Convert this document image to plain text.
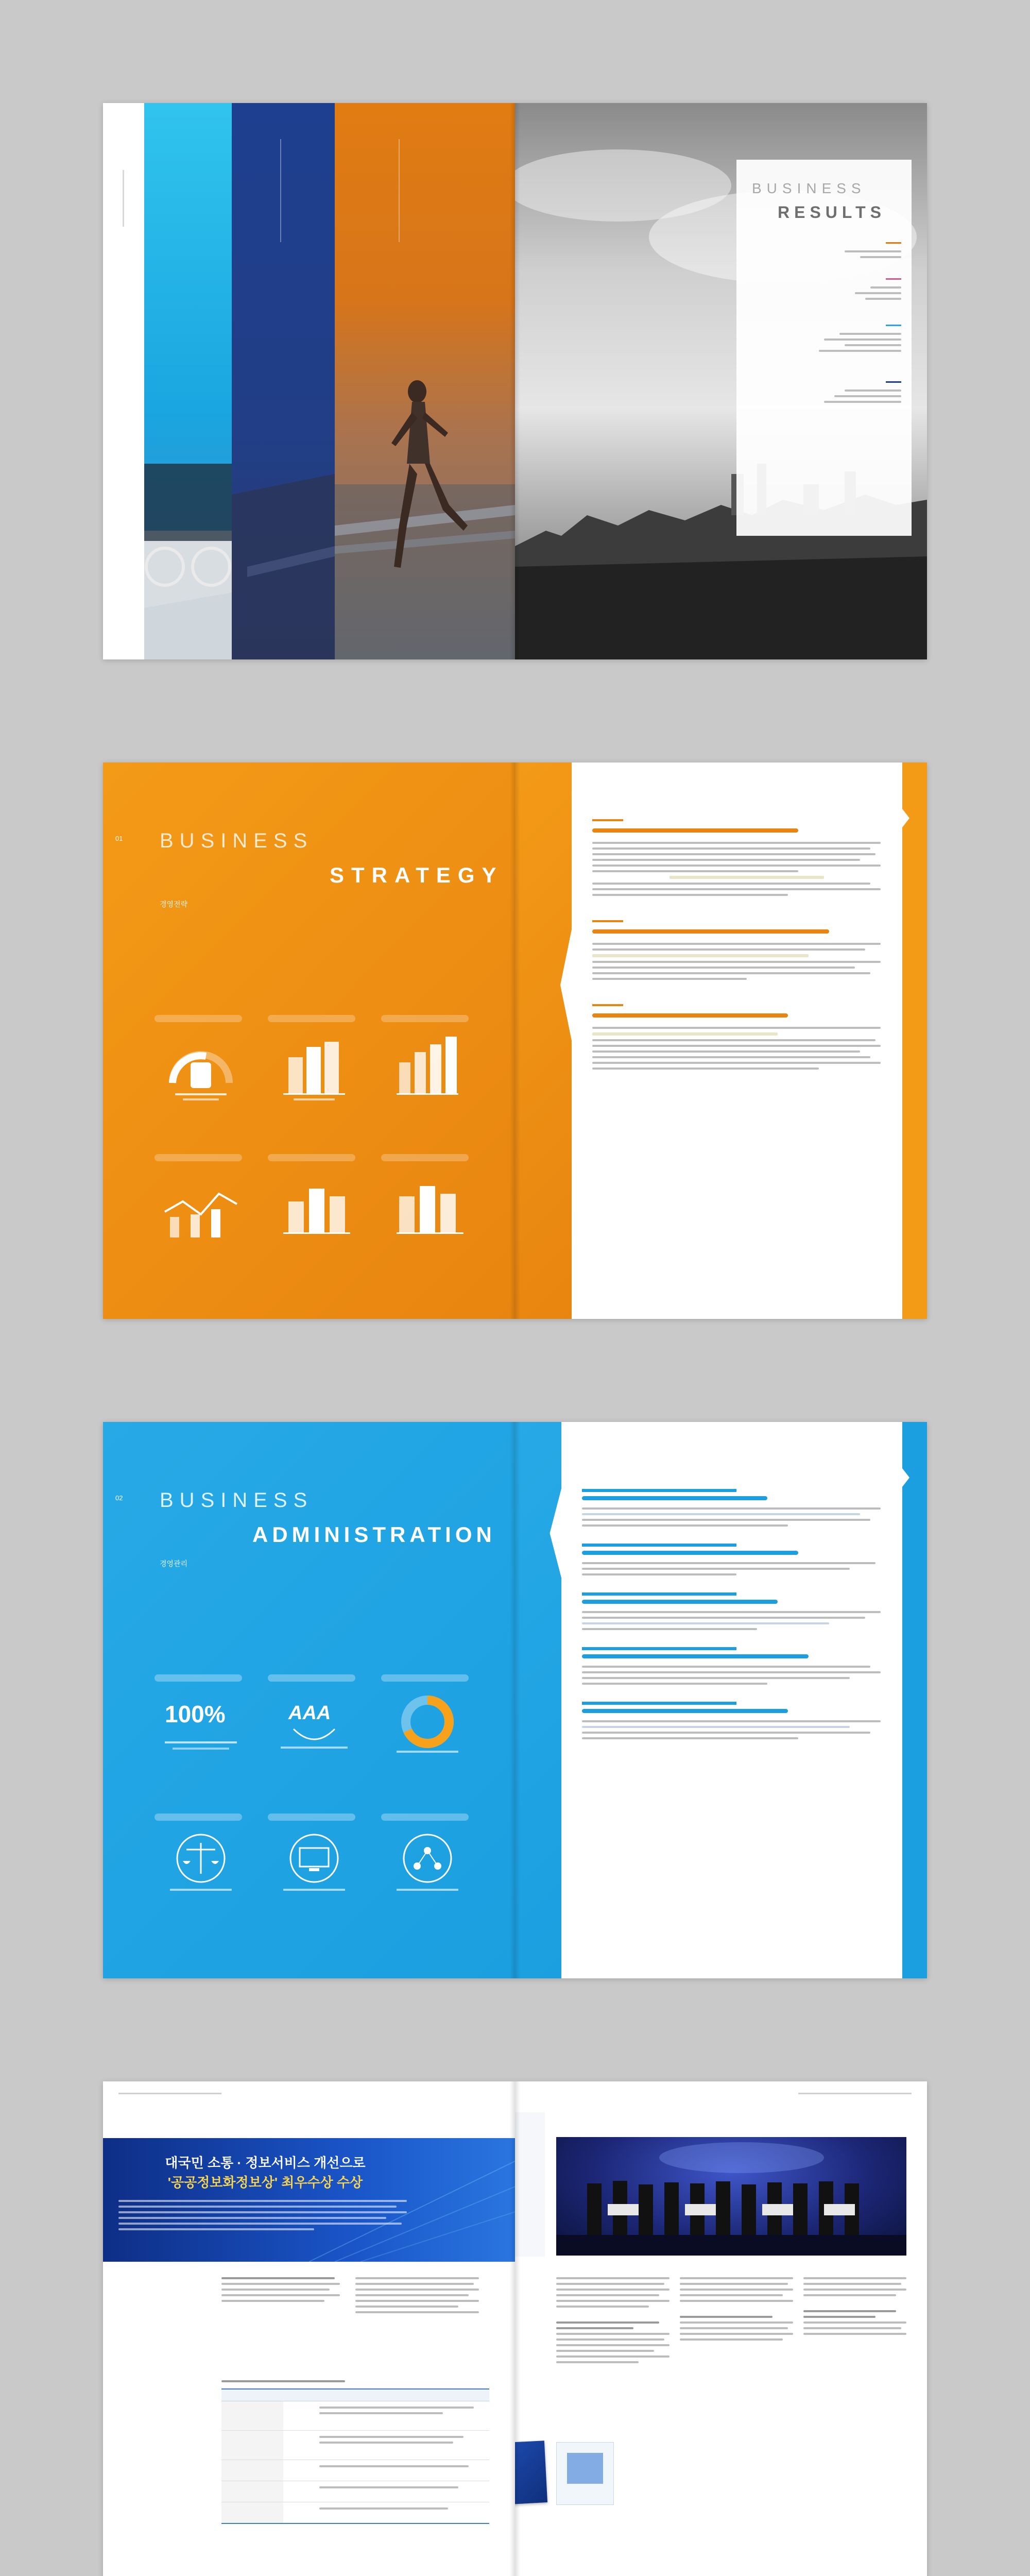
BUSINESS
RESULTS
01 BUSINESS
STRATEGY
경영전략
02 BUSINESS
ADMINISTRATION
경영관리
100%	AAA
대국민 소통 · 정보서비스 개선으로
'공공정보화정보상' 최우수상 수상
